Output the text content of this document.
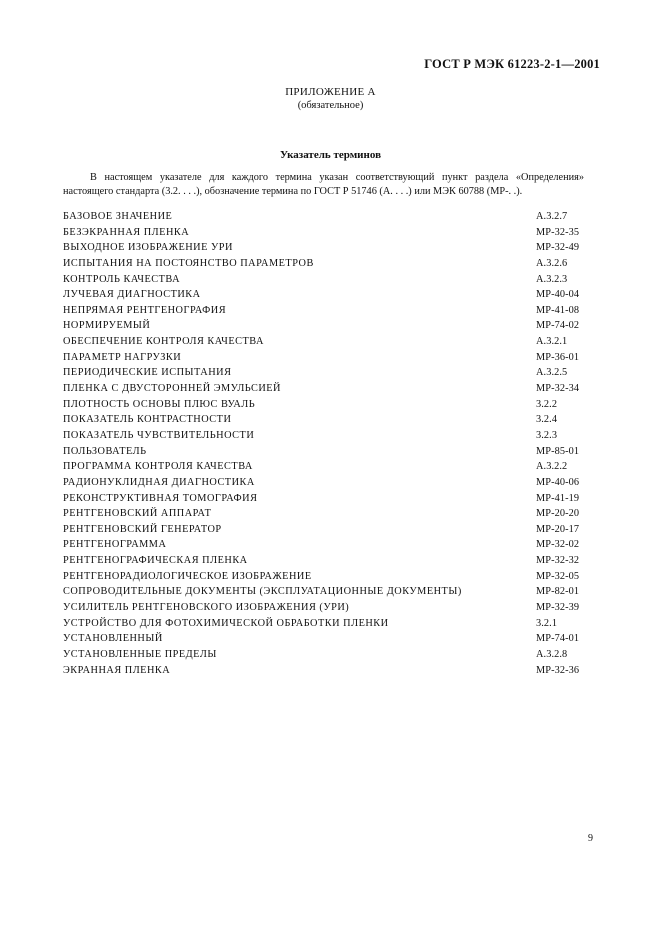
ГОСТ Р МЭК 61223-2-1—2001
ПРИЛОЖЕНИЕ А
(обязательное)
Указатель терминов

В настоящем указателе для каждого термина указан соответствующий пункт раздела «Определения» настоящего стандарта (3.2. . . .), обозначение термина по ГОСТ Р 51746 (А. . . .) или МЭК 60788 (МР-. .).

БАЗОВОЕ ЗНАЧЕНИЕ	А.3.2.7
БЕЗЭКРАННАЯ ПЛЕНКА	МР-32-35
ВЫХОДНОЕ ИЗОБРАЖЕНИЕ УРИ	МР-32-49
ИСПЫТАНИЯ НА ПОСТОЯНСТВО ПАРАМЕТРОВ	А.3.2.6
КОНТРОЛЬ КАЧЕСТВА	А.3.2.3
ЛУЧЕВАЯ ДИАГНОСТИКА	МР-40-04
НЕПРЯМАЯ РЕНТГЕНОГРАФИЯ	МР-41-08
НОРМИРУЕМЫЙ	МР-74-02
ОБЕСПЕЧЕНИЕ КОНТРОЛЯ КАЧЕСТВА	А.3.2.1
ПАРАМЕТР НАГРУЗКИ	МР-36-01
ПЕРИОДИЧЕСКИЕ ИСПЫТАНИЯ	А.3.2.5
ПЛЕНКА С ДВУСТОРОННЕЙ ЭМУЛЬСИЕЙ	МР-32-34
ПЛОТНОСТЬ ОСНОВЫ ПЛЮС ВУАЛЬ	3.2.2
ПОКАЗАТЕЛЬ КОНТРАСТНОСТИ	3.2.4
ПОКАЗАТЕЛЬ ЧУВСТВИТЕЛЬНОСТИ	3.2.3
ПОЛЬЗОВАТЕЛЬ	МР-85-01
ПРОГРАММА КОНТРОЛЯ КАЧЕСТВА	А.3.2.2
РАДИОНУКЛИДНАЯ ДИАГНОСТИКА	МР-40-06
РЕКОНСТРУКТИВНАЯ ТОМОГРАФИЯ	МР-41-19
РЕНТГЕНОВСКИЙ АППАРАТ	МР-20-20
РЕНТГЕНОВСКИЙ ГЕНЕРАТОР	МР-20-17
РЕНТГЕНОГРАММА	МР-32-02
РЕНТГЕНОГРАФИЧЕСКАЯ ПЛЕНКА	МР-32-32
РЕНТГЕНОРАДИОЛОГИЧЕСКОЕ ИЗОБРАЖЕНИЕ	МР-32-05
СОПРОВОДИТЕЛЬНЫЕ ДОКУМЕНТЫ (ЭКСПЛУАТАЦИОННЫЕ ДОКУМЕНТЫ)	МР-82-01
УСИЛИТЕЛЬ РЕНТГЕНОВСКОГО ИЗОБРАЖЕНИЯ (УРИ)	МР-32-39
УСТРОЙСТВО ДЛЯ ФОТОХИМИЧЕСКОЙ ОБРАБОТКИ ПЛЕНКИ	3.2.1
УСТАНОВЛЕННЫЙ	МР-74-01
УСТАНОВЛЕННЫЕ ПРЕДЕЛЫ	А.3.2.8
ЭКРАННАЯ ПЛЕНКА	МР-32-36
9
